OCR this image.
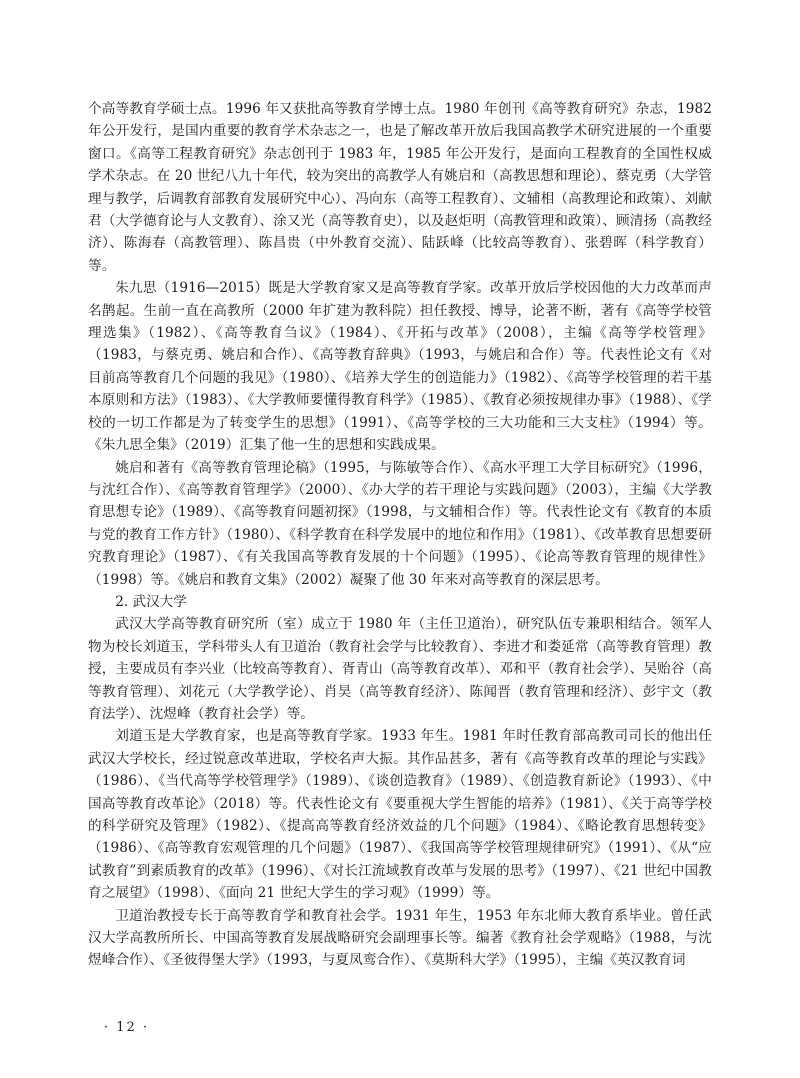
个高等教育学硕士点。1996 年又获批高等教育学博士点。1980 年创刊《高等教育研究》杂志，1982 年公开发行，是国内重要的教育学术杂志之一，也是了解改革开放后我国高教学术研究进展的一个重要窗口。《高等工程教育研究》杂志创刊于 1983 年，1985 年公开发行，是面向工程教育的全国性权威学术杂志。在 20 世纪八九十年代，较为突出的高教学人有姚启和（高教思想和理论）、蔡克勇（大学管理与教学，后调教育部教育发展研究中心）、冯向东（高等工程教育）、文辅相（高教理论和政策）、刘献君（大学德育论与人文教育）、涂又光（高等教育史），以及赵炬明（高教管理和政策）、顾清扬（高教经济）、陈海春（高教管理）、陈昌贵（中外教育交流）、陆跃峰（比较高等教育）、张碧晖（科学教育）等。

朱九思（1916—2015）既是大学教育家又是高等教育学家。改革开放后学校因他的大力改革而声名鹊起。生前一直在高教所（2000 年扩建为教科院）担任教授、博导，论著不断，著有《高等学校管理选集》（1982）、《高等教育刍议》（1984）、《开拓与改革》（2008），主编《高等学校管理》（1983，与蔡克勇、姚启和合作）、《高等教育辞典》（1993，与姚启和合作）等。代表性论文有《对目前高等教育几个问题的我见》（1980）、《培养大学生的创造能力》（1982）、《高等学校管理的若干基本原则和方法》（1983）、《大学教师要懂得教育科学》（1985）、《教育必须按规律办事》（1988）、《学校的一切工作都是为了转变学生的思想》（1991）、《高等学校的三大功能和三大支柱》（1994）等。《朱九思全集》（2019）汇集了他一生的思想和实践成果。

姚启和著有《高等教育管理论稿》（1995，与陈敏等合作）、《高水平理工大学目标研究》（1996，与沈红合作）、《高等教育管理学》（2000）、《办大学的若干理论与实践问题》（2003），主编《大学教育思想专论》（1989）、《高等教育问题初探》（1998，与文辅相合作）等。代表性论文有《教育的本质与党的教育工作方针》（1980）、《科学教育在科学发展中的地位和作用》（1981）、《改革教育思想要研究教育理论》（1987）、《有关我国高等教育发展的十个问题》（1995）、《论高等教育管理的规律性》（1998）等。《姚启和教育文集》（2002）凝聚了他 30 年来对高等教育的深层思考。

2. 武汉大学

武汉大学高等教育研究所（室）成立于 1980 年（主任卫道治），研究队伍专兼职相结合。领军人物为校长刘道玉，学科带头人有卫道治（教育社会学与比较教育）、李进才和娄延常（高等教育管理）教授，主要成员有李兴业（比较高等教育）、胥青山（高等教育改革）、邓和平（教育社会学）、吴贻谷（高等教育管理）、刘花元（大学教学论）、肖昊（高等教育经济）、陈闻晋（教育管理和经济）、彭宇文（教育法学）、沈煜峰（教育社会学）等。

刘道玉是大学教育家，也是高等教育学家。1933 年生。1981 年时任教育部高教司司长的他出任武汉大学校长，经过锐意改革进取，学校名声大振。其作品甚多，著有《高等教育改革的理论与实践》（1986）、《当代高等学校管理学》（1989）、《谈创造教育》（1989）、《创造教育新论》（1993）、《中国高等教育改革论》（2018）等。代表性论文有《要重视大学生智能的培养》（1981）、《关于高等学校的科学研究及管理》（1982）、《提高高等教育经济效益的几个问题》（1984）、《略论教育思想转变》（1986）、《高等教育宏观管理的几个问题》（1987）、《我国高等学校管理规律研究》（1991）、《从“应试教育”到素质教育的改革》（1996）、《对长江流域教育改革与发展的思考》（1997）、《21 世纪中国教育之展望》（1998）、《面向 21 世纪大学生的学习观》（1999）等。

卫道治教授专长于高等教育学和教育社会学。1931 年生，1953 年东北师大教育系毕业。曾任武汉大学高教所所长、中国高等教育发展战略研究会副理事长等。编著《教育社会学观略》（1988，与沈煜峰合作）、《圣彼得堡大学》（1993，与夏凤鸾合作）、《莫斯科大学》（1995），主编《英汉教育词

· 12 ·
